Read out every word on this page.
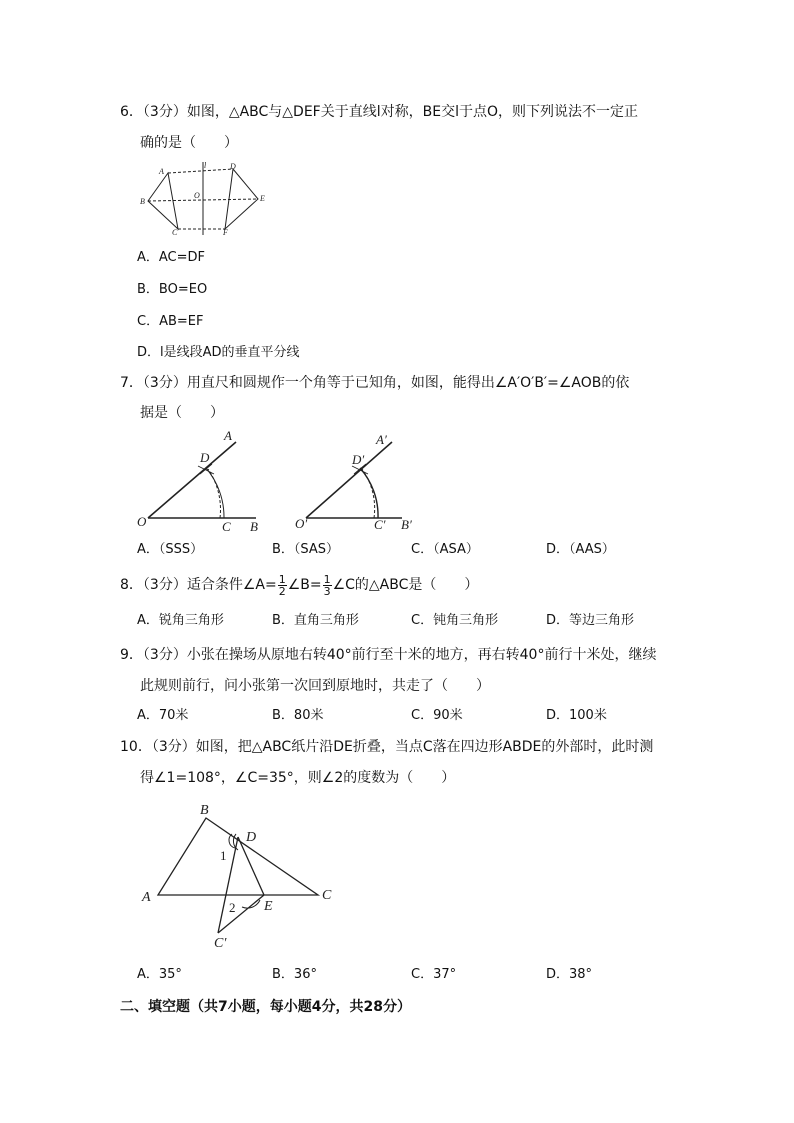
6．（3分）如图，△ABC与△DEF关于直线l对称，BE交l于点O，则下列说法不一定正
确的是（　　）
A
B
C
D
E
F
O
l
A．AC=DF
B．BO=EO
C．AB=EF
D．l是线段AD的垂直平分线
7．（3分）用直尺和圆规作一个角等于已知角，如图，能得出∠A′O′B′=∠AOB的依
据是（　　）
A
D
O	C B
A′
D′
O′	C′ B′
A．（SSS）	B．（SAS）	C．（ASA）	D．（AAS）
8．（3分）适合条件∠A= $\frac{1}{2}$ ∠B= $\frac{1}{3}$ ∠C的△ABC是（　　）
A．锐角三角形	B．直角三角形	C．钝角三角形	D．等边三角形
9．（3分）小张在操场从原地右转40°前行至十米的地方，再右转40°前行十米处，继续
此规则前行，问小张第一次回到原地时，共走了（　　）
A．70米	B．80米	C．90米	D．100米
10．（3分）如图，把△ABC纸片沿DE折叠，当点C落在四边形ABDE的外部时，此时测
得∠1=108°，∠C=35°，则∠2的度数为（　　）
B
D
A	C
E
C′
1
2
A．35°	B．36°	C．37°	D．38°
二、填空题（共7小题，每小题4分，共28分）
